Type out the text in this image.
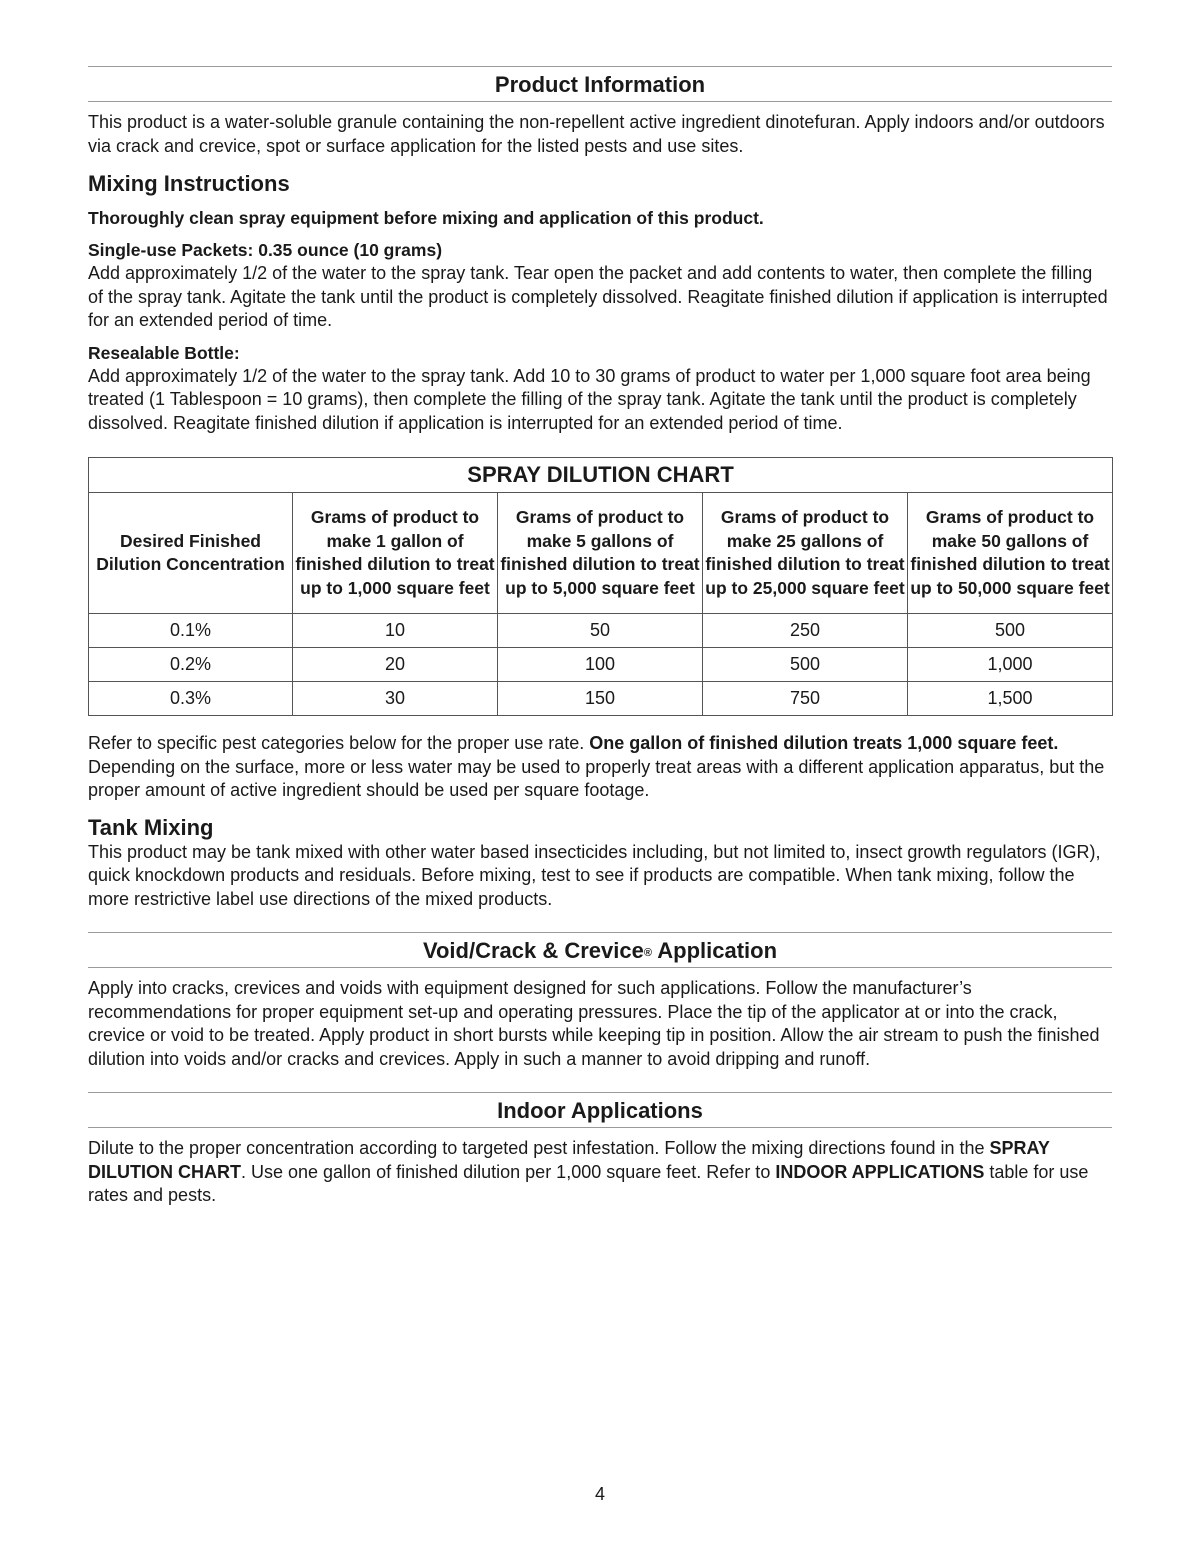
Product Information

This product is a water-soluble granule containing the non-repellent active ingredient dinotefuran. Apply indoors and/or outdoors via crack and crevice, spot or surface application for the listed pests and use sites.

Mixing Instructions

Thoroughly clean spray equipment before mixing and application of this product.

Single-use Packets: 0.35 ounce (10 grams)

Add approximately 1/2 of the water to the spray tank. Tear open the packet and add contents to water, then complete the filling of the spray tank. Agitate the tank until the product is completely dissolved. Reagitate finished dilution if application is interrupted for an extended period of time.

Resealable Bottle:

Add approximately 1/2 of the water to the spray tank. Add 10 to 30 grams of product to water per 1,000 square foot area being treated (1 Tablespoon = 10 grams), then complete the filling of the spray tank. Agitate the tank until the product is completely dissolved. Reagitate finished dilution if application is interrupted for an extended period of time.

SPRAY DILUTION CHART				
Desired Finished Dilution Concentration	Grams of product to make 1 gallon of finished dilution to treat up to 1,000 square feet	Grams of product to make 5 gallons of finished dilution to treat up to 5,000 square feet	Grams of product to make 25 gallons of finished dilution to treat up to 25,000 square feet	Grams of product to make 50 gallons of finished dilution to treat up to 50,000 square feet
0.1%	10	50	250	500
0.2%	20	100	500	1,000
0.3%	30	150	750	1,500

Refer to specific pest categories below for the proper use rate. One gallon of finished dilution treats 1,000 square feet. Depending on the surface, more or less water may be used to properly treat areas with a different application apparatus, but the proper amount of active ingredient should be used per square footage.

Tank Mixing

This product may be tank mixed with other water based insecticides including, but not limited to, insect growth regulators (IGR), quick knockdown products and residuals. Before mixing, test to see if products are compatible. When tank mixing, follow the more restrictive label use directions of the mixed products.

Void/Crack & Crevice® Application

Apply into cracks, crevices and voids with equipment designed for such applications. Follow the manufacturer’s recommendations for proper equipment set-up and operating pressures. Place the tip of the applicator at or into the crack, crevice or void to be treated. Apply product in short bursts while keeping tip in position. Allow the air stream to push the finished dilution into voids and/or cracks and crevices. Apply in such a manner to avoid dripping and runoff.

Indoor Applications

Dilute to the proper concentration according to targeted pest infestation. Follow the mixing directions found in the SPRAY DILUTION CHART. Use one gallon of finished dilution per 1,000 square feet. Refer to INDOOR APPLICATIONS table for use rates and pests.

4
